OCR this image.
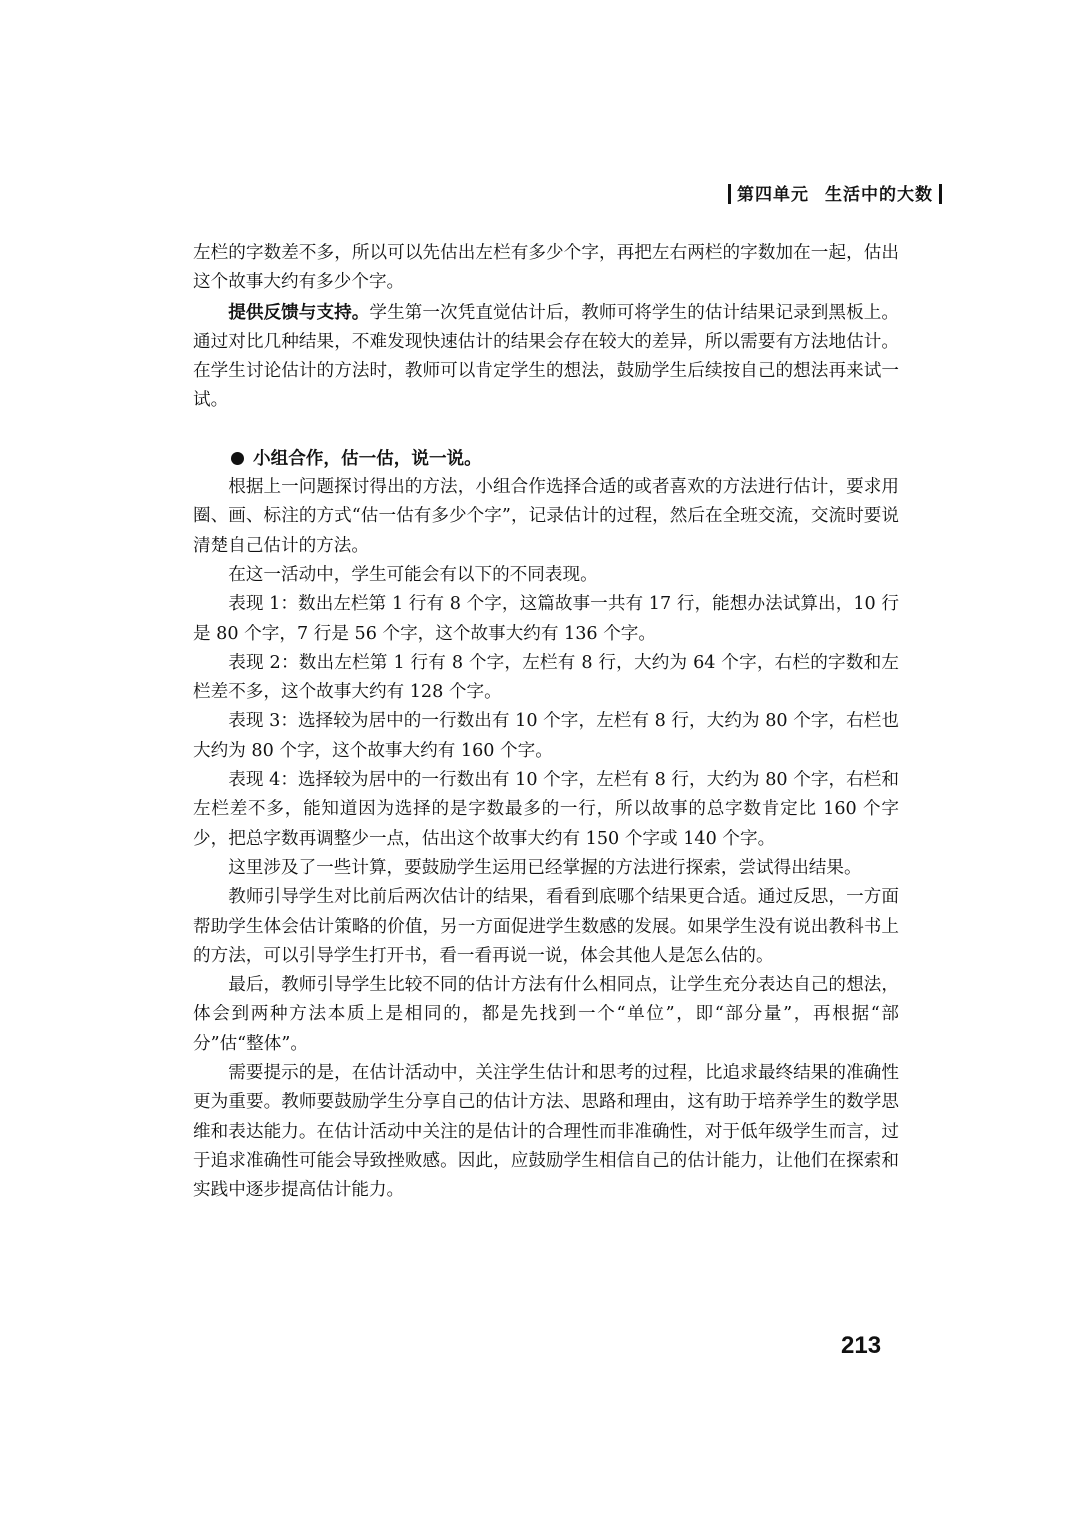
第四单元 生活中的大数

左栏的字数差不多，所以可以先估出左栏有多少个字，再把左右两栏的字数加在一起，估出这个故事大约有多少个字。

提供反馈与支持。学生第一次凭直觉估计后，教师可将学生的估计结果记录到黑板上。通过对比几种结果，不难发现快速估计的结果会存在较大的差异，所以需要有方法地估计。在学生讨论估计的方法时，教师可以肯定学生的想法，鼓励学生后续按自己的想法再来试一试。

小组合作，估一估，说一说。

根据上一问题探讨得出的方法，小组合作选择合适的或者喜欢的方法进行估计，要求用圈、画、标注的方式“估一估有多少个字”，记录估计的过程，然后在全班交流，交流时要说清楚自己估计的方法。

在这一活动中，学生可能会有以下的不同表现。

表现 1：数出左栏第 1 行有 8 个字，这篇故事一共有 17 行，能想办法试算出，10 行是 80 个字，7 行是 56 个字，这个故事大约有 136 个字。

表现 2：数出左栏第 1 行有 8 个字，左栏有 8 行，大约为 64 个字，右栏的字数和左栏差不多，这个故事大约有 128 个字。

表现 3：选择较为居中的一行数出有 10 个字，左栏有 8 行，大约为 80 个字，右栏也大约为 80 个字，这个故事大约有 160 个字。

表现 4：选择较为居中的一行数出有 10 个字，左栏有 8 行，大约为 80 个字，右栏和左栏差不多，能知道因为选择的是字数最多的一行，所以故事的总字数肯定比 160 个字少，把总字数再调整少一点，估出这个故事大约有 150 个字或 140 个字。

这里涉及了一些计算，要鼓励学生运用已经掌握的方法进行探索，尝试得出结果。

教师引导学生对比前后两次估计的结果，看看到底哪个结果更合适。通过反思，一方面帮助学生体会估计策略的价值，另一方面促进学生数感的发展。如果学生没有说出教科书上的方法，可以引导学生打开书，看一看再说一说，体会其他人是怎么估的。

最后，教师引导学生比较不同的估计方法有什么相同点，让学生充分表达自己的想法，体会到两种方法本质上是相同的，都是先找到一个“单位”，即“部分量”，再根据“部分”估“整体”。

需要提示的是，在估计活动中，关注学生估计和思考的过程，比追求最终结果的准确性更为重要。教师要鼓励学生分享自己的估计方法、思路和理由，这有助于培养学生的数学思维和表达能力。在估计活动中关注的是估计的合理性而非准确性，对于低年级学生而言，过于追求准确性可能会导致挫败感。因此，应鼓励学生相信自己的估计能力，让他们在探索和实践中逐步提高估计能力。

213
